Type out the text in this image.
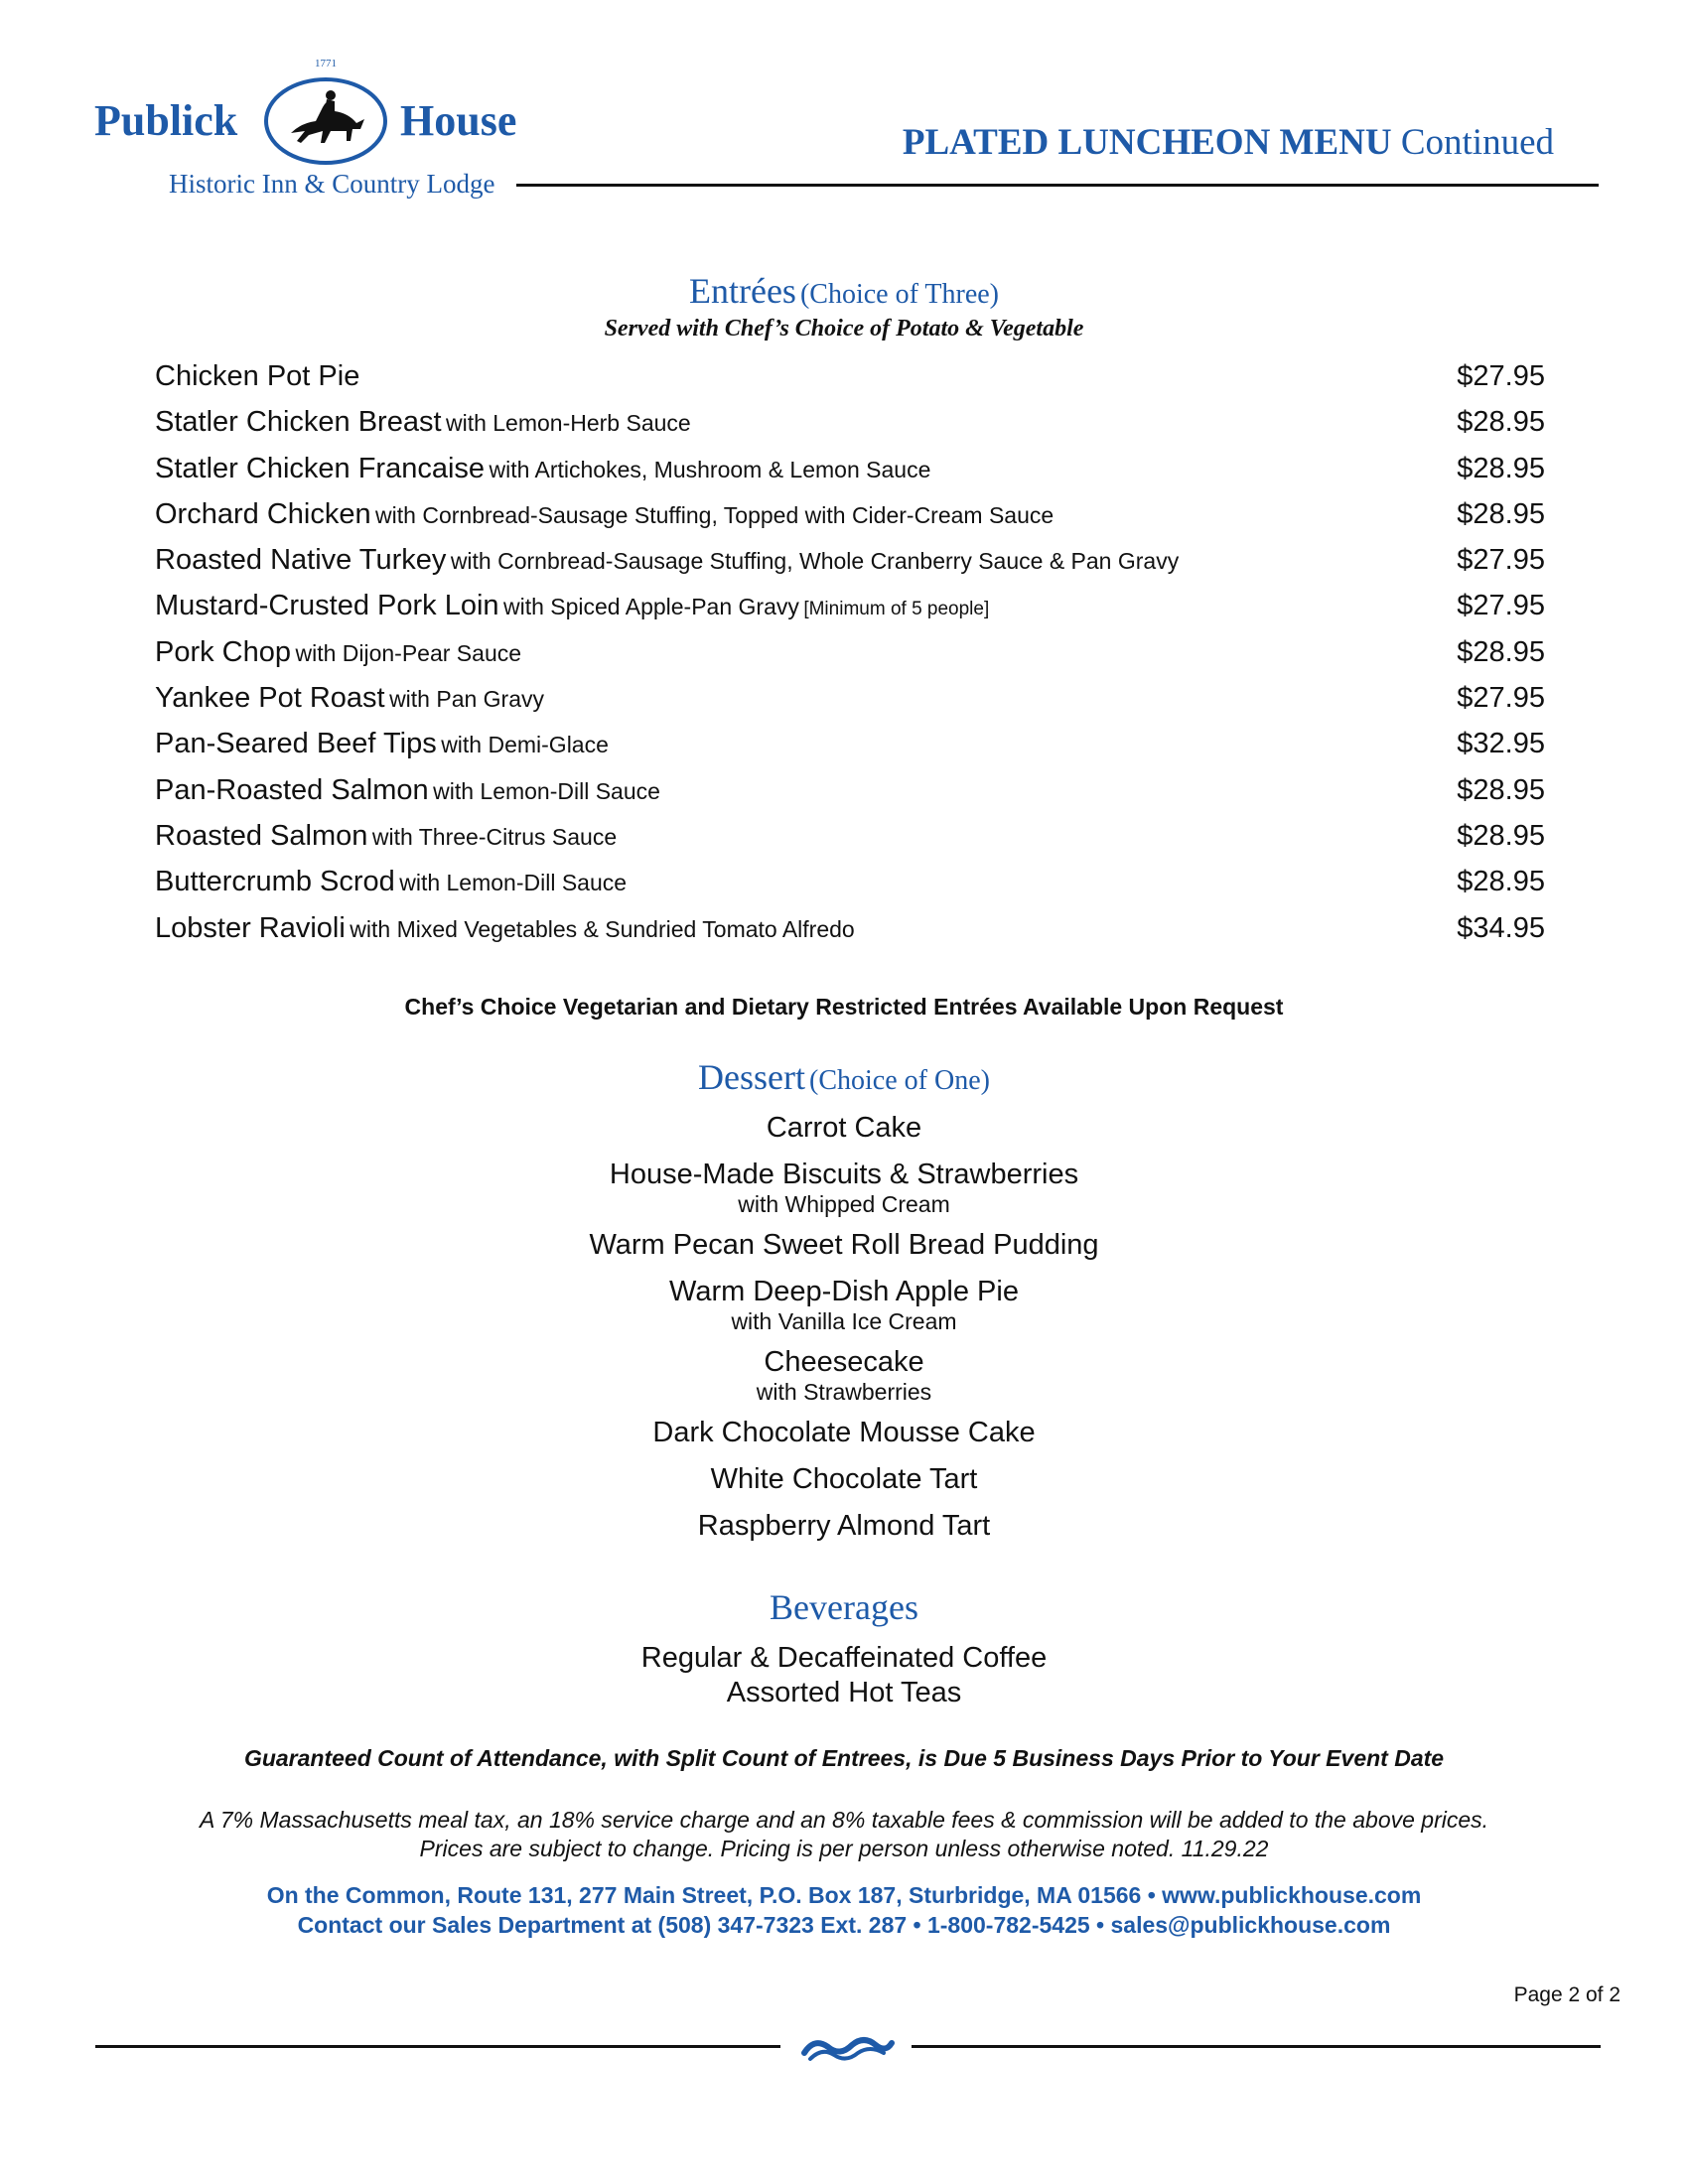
1771
Publick	House
Historic Inn & Country Lodge
PLATED LUNCHEON MENU Continued
Entrées (Choice of Three)
Served with Chef’s Choice of Potato & Vegetable
Chicken Pot Pie	$27.95
Statler Chicken Breast with Lemon-Herb Sauce	$28.95
Statler Chicken Francaise with Artichokes, Mushroom & Lemon Sauce	$28.95
Orchard Chicken with Cornbread-Sausage Stuffing, Topped with Cider-Cream Sauce	$28.95
Roasted Native Turkey with Cornbread-Sausage Stuffing, Whole Cranberry Sauce & Pan Gravy	$27.95
Mustard-Crusted Pork Loin with Spiced Apple-Pan Gravy [Minimum of 5 people]	$27.95
Pork Chop with Dijon-Pear Sauce	$28.95
Yankee Pot Roast with Pan Gravy	$27.95
Pan-Seared Beef Tips with Demi-Glace	$32.95
Pan-Roasted Salmon with Lemon-Dill Sauce	$28.95
Roasted Salmon with Three-Citrus Sauce	$28.95
Buttercrumb Scrod with Lemon-Dill Sauce	$28.95
Lobster Ravioli with Mixed Vegetables & Sundried Tomato Alfredo	$34.95
Chef’s Choice Vegetarian and Dietary Restricted Entrées Available Upon Request
Dessert (Choice of One)
Carrot Cake
House-Made Biscuits & Strawberries
with Whipped Cream
Warm Pecan Sweet Roll Bread Pudding
Warm Deep-Dish Apple Pie
with Vanilla Ice Cream
Cheesecake
with Strawberries
Dark Chocolate Mousse Cake
White Chocolate Tart
Raspberry Almond Tart
Beverages
Regular & Decaffeinated Coffee
Assorted Hot Teas
Guaranteed Count of Attendance, with Split Count of Entrees, is Due 5 Business Days Prior to Your Event Date
A 7% Massachusetts meal tax, an 18% service charge and an 8% taxable fees & commission will be added to the above prices.
Prices are subject to change. Pricing is per person unless otherwise noted. 11.29.22
On the Common, Route 131, 277 Main Street, P.O. Box 187, Sturbridge, MA 01566 • www.publickhouse.com
Contact our Sales Department at (508) 347-7323 Ext. 287 • 1-800-782-5425 • sales@publickhouse.com
Page 2 of 2
